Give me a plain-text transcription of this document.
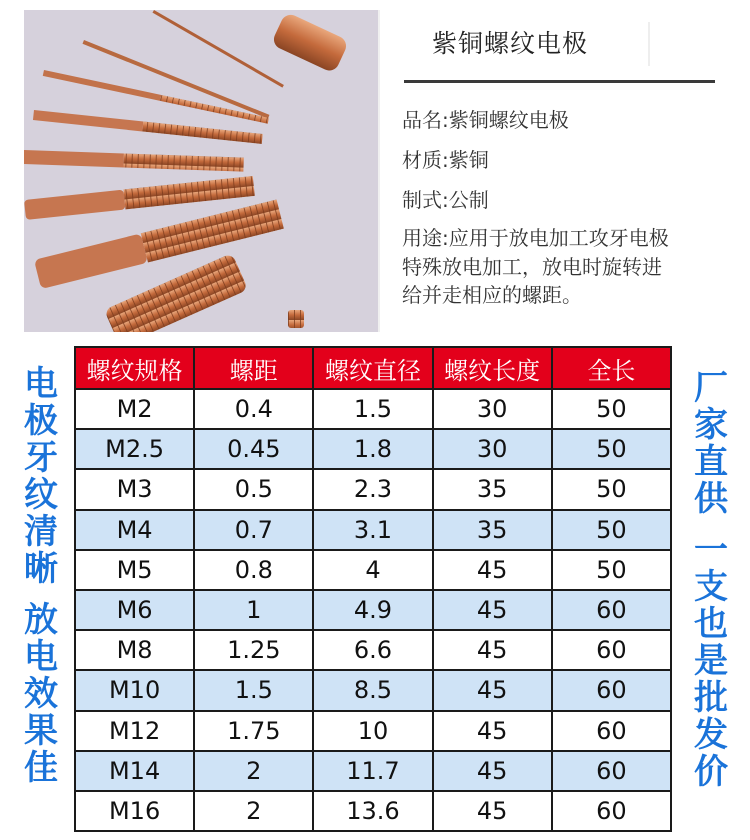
紫铜螺纹电极
品名:紫铜螺纹电极
材质:紫铜
制式:公制
用途:应用于放电加工攻牙电极
特殊放电加工，放电时旋转进
给并走相应的螺距。
电
极
牙
纹
清
晰
放
电
效
果
佳
螺纹规格	螺距	螺纹直径	螺纹长度	全长
M2	0.4	1.5	30	50
M2.5	0.45	1.8	30	50
M3	0.5	2.3	35	50
M4	0.7	3.1	35	50
M5	0.8	4	45	50
M6	1	4.9	45	60
M8	1.25	6.6	45	60
M10	1.5	8.5	45	60
M12	1.75	10	45	60
M14	2	11.7	45	60
M16	2	13.6	45	60
厂
家
直
供
一
支
也
是
批
发
价
